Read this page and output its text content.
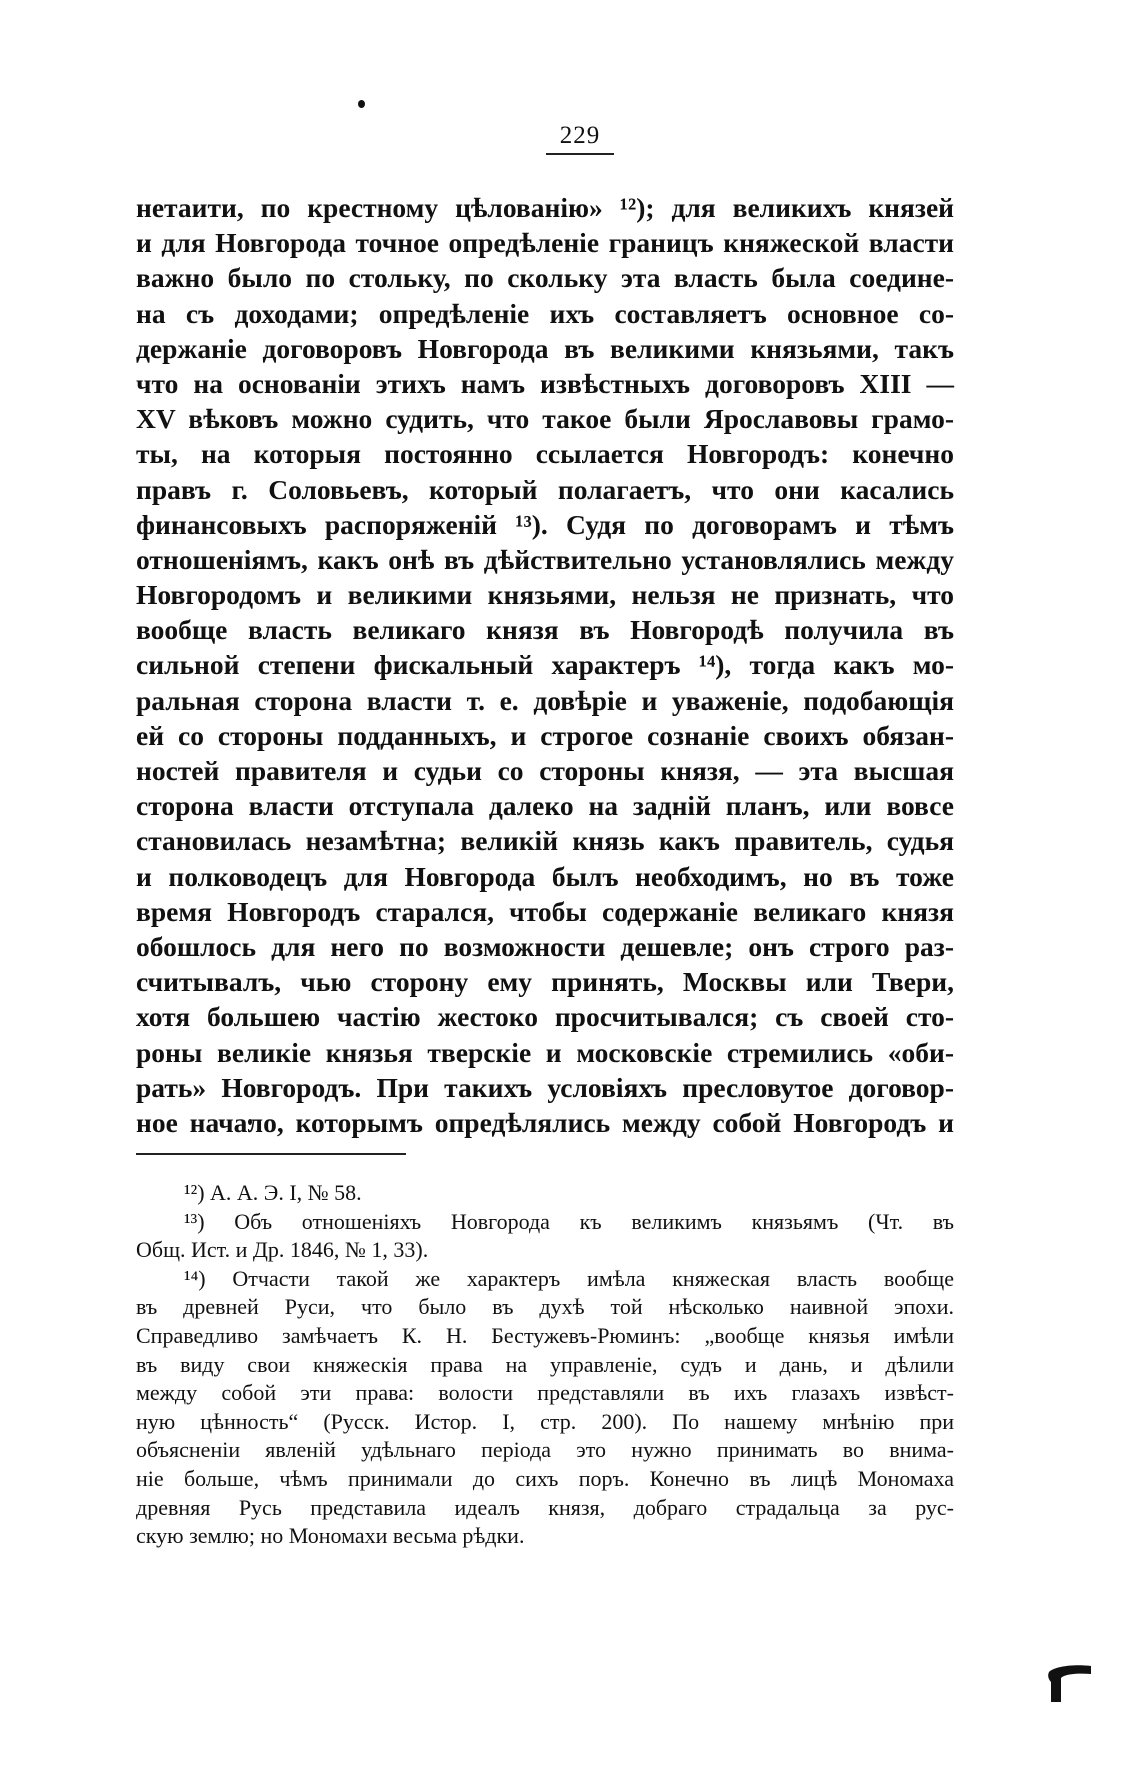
229
нетаити, по крестному цѣлованію» ¹²); для великихъ князей
и для Новгорода точное опредѣленіе границъ княжеской власти
важно было по стольку, по скольку эта власть была соедине-
на съ доходами; опредѣленіе ихъ составляетъ основное со-
держаніе договоровъ Новгорода въ великими князьями, такъ
что на основаніи этихъ намъ извѣстныхъ договоровъ XIII —
XV вѣковъ можно судить, что такое были Ярославовы грамо-
ты, на которыя постоянно ссылается Новгородъ: конечно
правъ г. Соловьевъ, который полагаетъ, что они касались
финансовыхъ распоряженій ¹³). Судя по договорамъ и тѣмъ
отношеніямъ, какъ онѣ въ дѣйствительно установлялись между
Новгородомъ и великими князьями, нельзя не признать, что
вообще власть великаго князя въ Новгородѣ получила въ
сильной степени фискальный характеръ ¹⁴), тогда какъ мо-
ральная сторона власти т. е. довѣріе и уваженіе, подобающія
ей со стороны подданныхъ, и строгое сознаніе своихъ обязан-
ностей правителя и судьи со стороны князя, — эта высшая
сторона власти отступала далеко на задній планъ, или вовсе
становилась незамѣтна; великій князь какъ правитель, судья
и полководецъ для Новгорода былъ необходимъ, но въ тоже
время Новгородъ старался, чтобы содержаніе великаго князя
обошлось для него по возможности дешевле; онъ строго раз-
считывалъ, чью сторону ему принять, Москвы или Твери,
хотя большею частію жестоко просчитывался; съ своей сто-
роны великіе князья тверскіе и московскіе стремились «оби-
рать» Новгородъ. При такихъ условіяхъ пресловутое договор-
ное начало, которымъ опредѣлялись между собой Новгородъ и
¹²) А. А. Э. І, № 58.
¹³) Объ отношеніяхъ Новгорода къ великимъ князьямъ (Чт. въ
Общ. Ист. и Др. 1846, № 1, 33).
¹⁴) Отчасти такой же характеръ имѣла княжеская власть вообще
въ древней Руси, что было въ духѣ той нѣсколько наивной эпохи.
Справедливо замѣчаетъ К. Н. Бестужевъ-Рюминъ: „вообще князья имѣли
въ виду свои княжескія права на управленіе, судъ и дань, и дѣлили
между собой эти права: волости представляли въ ихъ глазахъ извѣст-
ную цѣнность“ (Русск. Истор. I, стр. 200). По нашему мнѣнію при
объясненіи явленій удѣльнаго періода это нужно принимать во внима-
ніе больше, чѣмъ принимали до сихъ поръ. Конечно въ лицѣ Мономаха
древняя Русь представила идеалъ князя, добраго страдальца за рус-
скую землю; но Мономахи весьма рѣдки.
